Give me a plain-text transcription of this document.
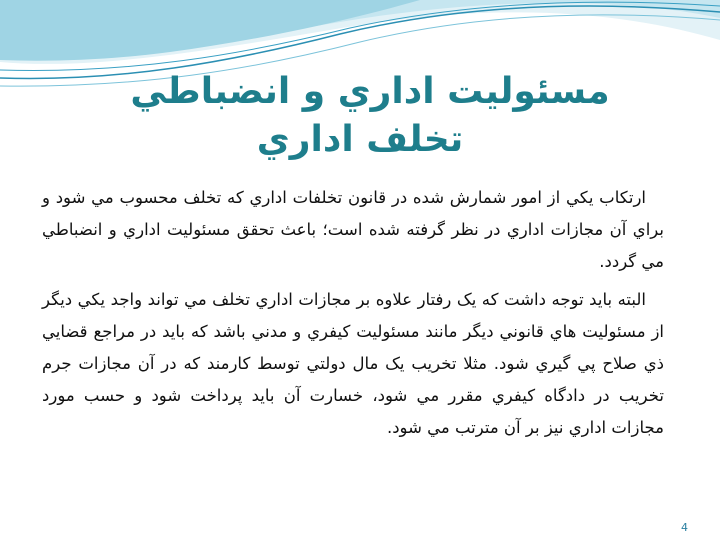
مسئوليت اداري و انضباطي
تخلف اداري

ارتکاب يکي از امور شمارش شده در قانون تخلفات اداري که تخلف محسوب مي شود و براي آن مجازات اداري در نظر گرفته شده است؛ باعث تحقق مسئوليت اداري و انضباطي مي گردد.

البته بايد توجه داشت که يک رفتار علاوه بر مجازات اداري تخلف مي تواند واجد يکي ديگر از مسئوليت هاي قانوني ديگر مانند مسئوليت کيفري و مدني باشد که بايد در مراجع قضايي ذي صلاح پي گيري شود. مثلا تخريب يک مال دولتي توسط کارمند که در آن مجازات جرم تخريب در دادگاه کيفري مقرر مي شود، خسارت آن بايد پرداخت شود و حسب مورد مجازات اداري نيز بر آن مترتب مي شود.

4
